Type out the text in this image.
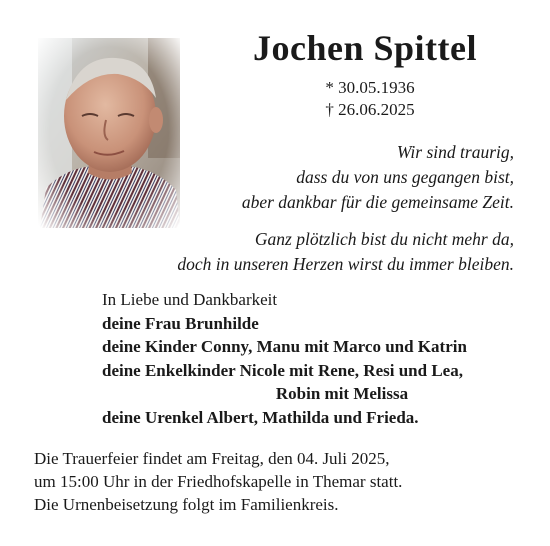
Jochen Spittel
* 30.05.1936
† 26.06.2025
Wir sind traurig,
dass du von uns gegangen bist,
aber dankbar für die gemeinsame Zeit.
Ganz plötzlich bist du nicht mehr da,
doch in unseren Herzen wirst du immer bleiben.
In Liebe und Dankbarkeit
deine Frau Brunhilde
deine Kinder Conny, Manu mit Marco und Katrin
deine Enkelkinder Nicole mit Rene, Resi und Lea,
Robin mit Melissa
deine Urenkel Albert, Mathilda und Frieda.
Die Trauerfeier findet am Freitag, den 04. Juli 2025,
um 15:00 Uhr in der Friedhofskapelle in Themar statt.
Die Urnenbeisetzung folgt im Familienkreis.
